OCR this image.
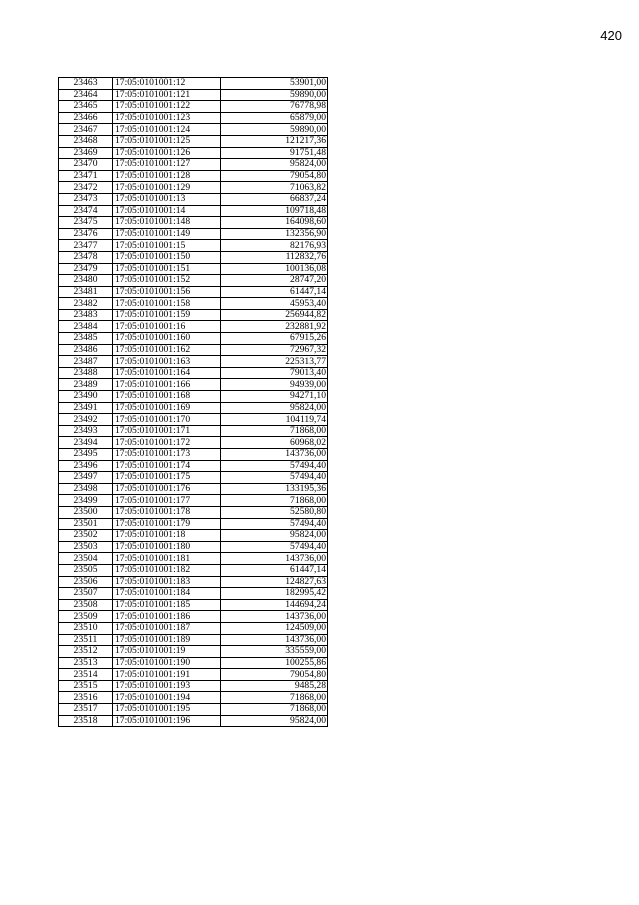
420
23463	17:05:0101001:12	53901,00
23464	17:05:0101001:121	59890,00
23465	17:05:0101001:122	76778,98
23466	17:05:0101001:123	65879,00
23467	17:05:0101001:124	59890,00
23468	17:05:0101001:125	121217,36
23469	17:05:0101001:126	91751,48
23470	17:05:0101001:127	95824,00
23471	17:05:0101001:128	79054,80
23472	17:05:0101001:129	71063,82
23473	17:05:0101001:13	66837,24
23474	17:05:0101001:14	109718,48
23475	17:05:0101001:148	164098,60
23476	17:05:0101001:149	132356,90
23477	17:05:0101001:15	82176,93
23478	17:05:0101001:150	112832,76
23479	17:05:0101001:151	100136,08
23480	17:05:0101001:152	28747,20
23481	17:05:0101001:156	61447,14
23482	17:05:0101001:158	45953,40
23483	17:05:0101001:159	256944,82
23484	17:05:0101001:16	232881,92
23485	17:05:0101001:160	67915,26
23486	17:05:0101001:162	72967,32
23487	17:05:0101001:163	225313,77
23488	17:05:0101001:164	79013,40
23489	17:05:0101001:166	94939,00
23490	17:05:0101001:168	94271,10
23491	17:05:0101001:169	95824,00
23492	17:05:0101001:170	104119,74
23493	17:05:0101001:171	71868,00
23494	17:05:0101001:172	60968,02
23495	17:05:0101001:173	143736,00
23496	17:05:0101001:174	57494,40
23497	17:05:0101001:175	57494,40
23498	17:05:0101001:176	133195,36
23499	17:05:0101001:177	71868,00
23500	17:05:0101001:178	52580,80
23501	17:05:0101001:179	57494,40
23502	17:05:0101001:18	95824,00
23503	17:05:0101001:180	57494,40
23504	17:05:0101001:181	143736,00
23505	17:05:0101001:182	61447,14
23506	17:05:0101001:183	124827,63
23507	17:05:0101001:184	182995,42
23508	17:05:0101001:185	144694,24
23509	17:05:0101001:186	143736,00
23510	17:05:0101001:187	124509,00
23511	17:05:0101001:189	143736,00
23512	17:05:0101001:19	335559,00
23513	17:05:0101001:190	100255,86
23514	17:05:0101001:191	79054,80
23515	17:05:0101001:193	9485,28
23516	17:05:0101001:194	71868,00
23517	17:05:0101001:195	71868,00
23518	17:05:0101001:196	95824,00
